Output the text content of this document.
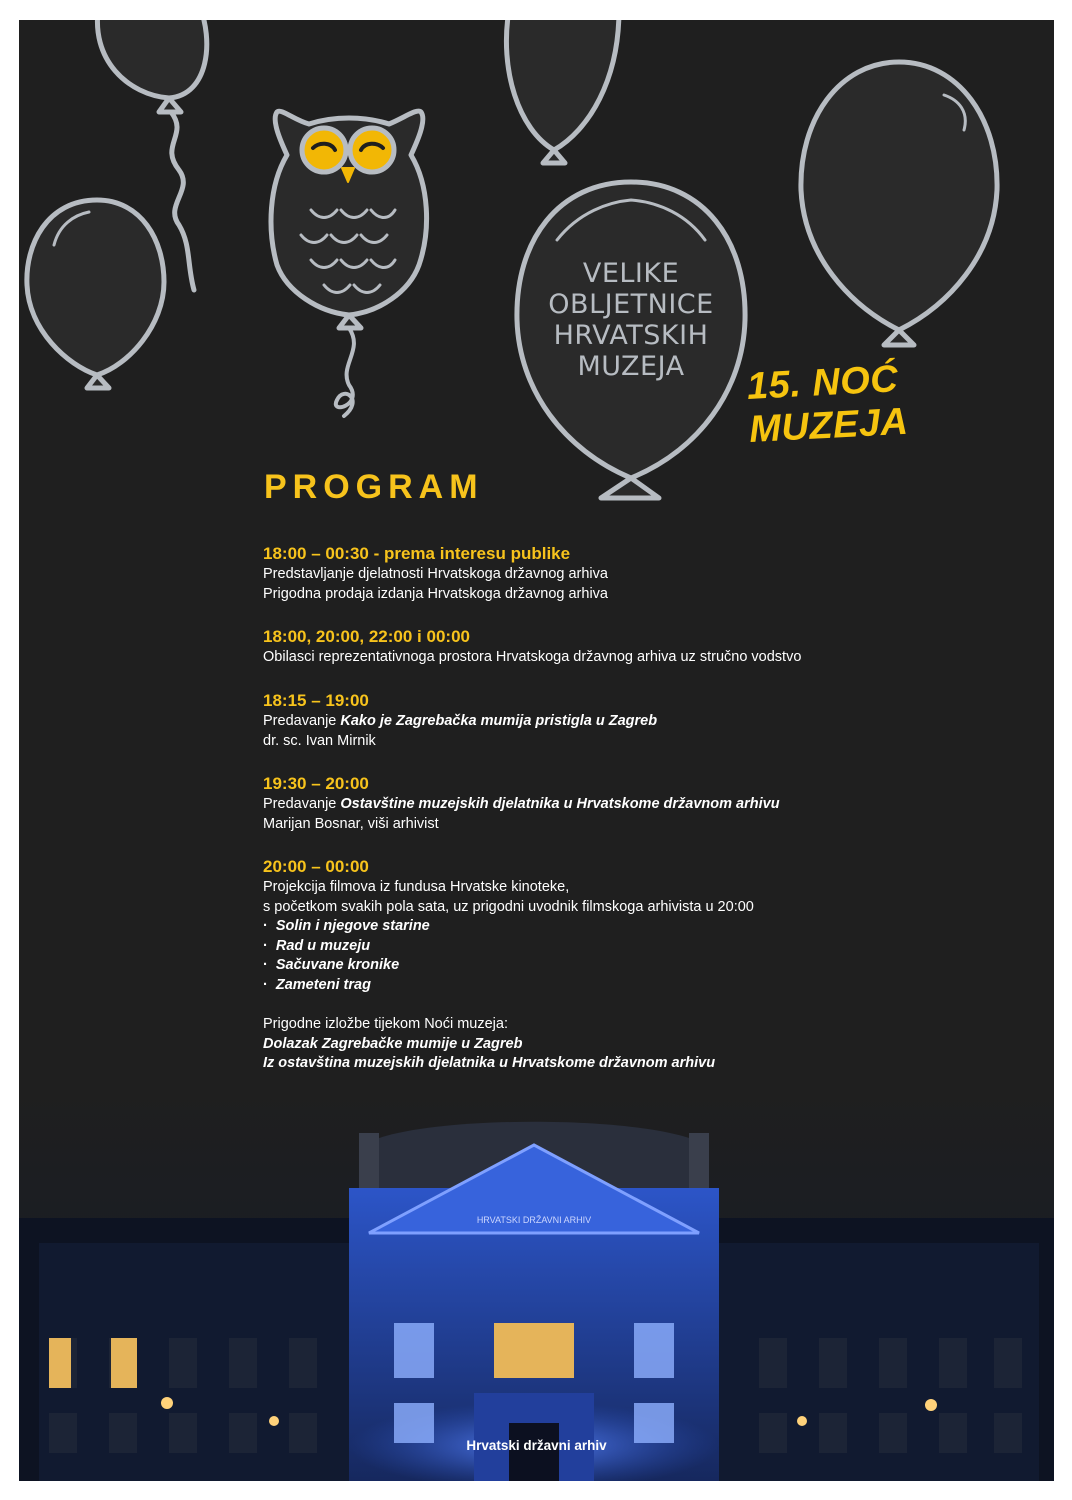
VELIKE
OBLJETNICE
HRVATSKIH
MUZEJA	15. NOĆ MUZEJA
PROGRAM
18:00 – 00:30 - prema interesu publike
Predstavljanje djelatnosti Hrvatskoga državnog arhiva
Prigodna prodaja izdanja Hrvatskoga državnog arhiva
18:00, 20:00, 22:00 i 00:00
Obilasci reprezentativnoga prostora Hrvatskoga državnog arhiva uz stručno vodstvo
18:15 – 19:00
Predavanje Kako je Zagrebačka mumija pristigla u Zagreb
dr. sc. Ivan Mirnik
19:30 – 20:00
Predavanje Ostavštine muzejskih djelatnika u Hrvatskome državnom arhivu
Marijan Bosnar, viši arhivist
20:00 – 00:00
Projekcija filmova iz fundusa Hrvatske kinoteke,
s početkom svakih pola sata, uz prigodni uvodnik filmskoga arhivista u 20:00
· Solin i njegove starine
· Rad u muzeju
· Sačuvane kronike
· Zameteni trag
Prigodne izložbe tijekom Noći muzeja:
Dolazak Zagrebačke mumije u Zagreb
Iz ostavština muzejskih djelatnika u Hrvatskome državnom arhivu
HRVATSKI DRŽAVNI ARHIV
Hrvatski državni arhiv
